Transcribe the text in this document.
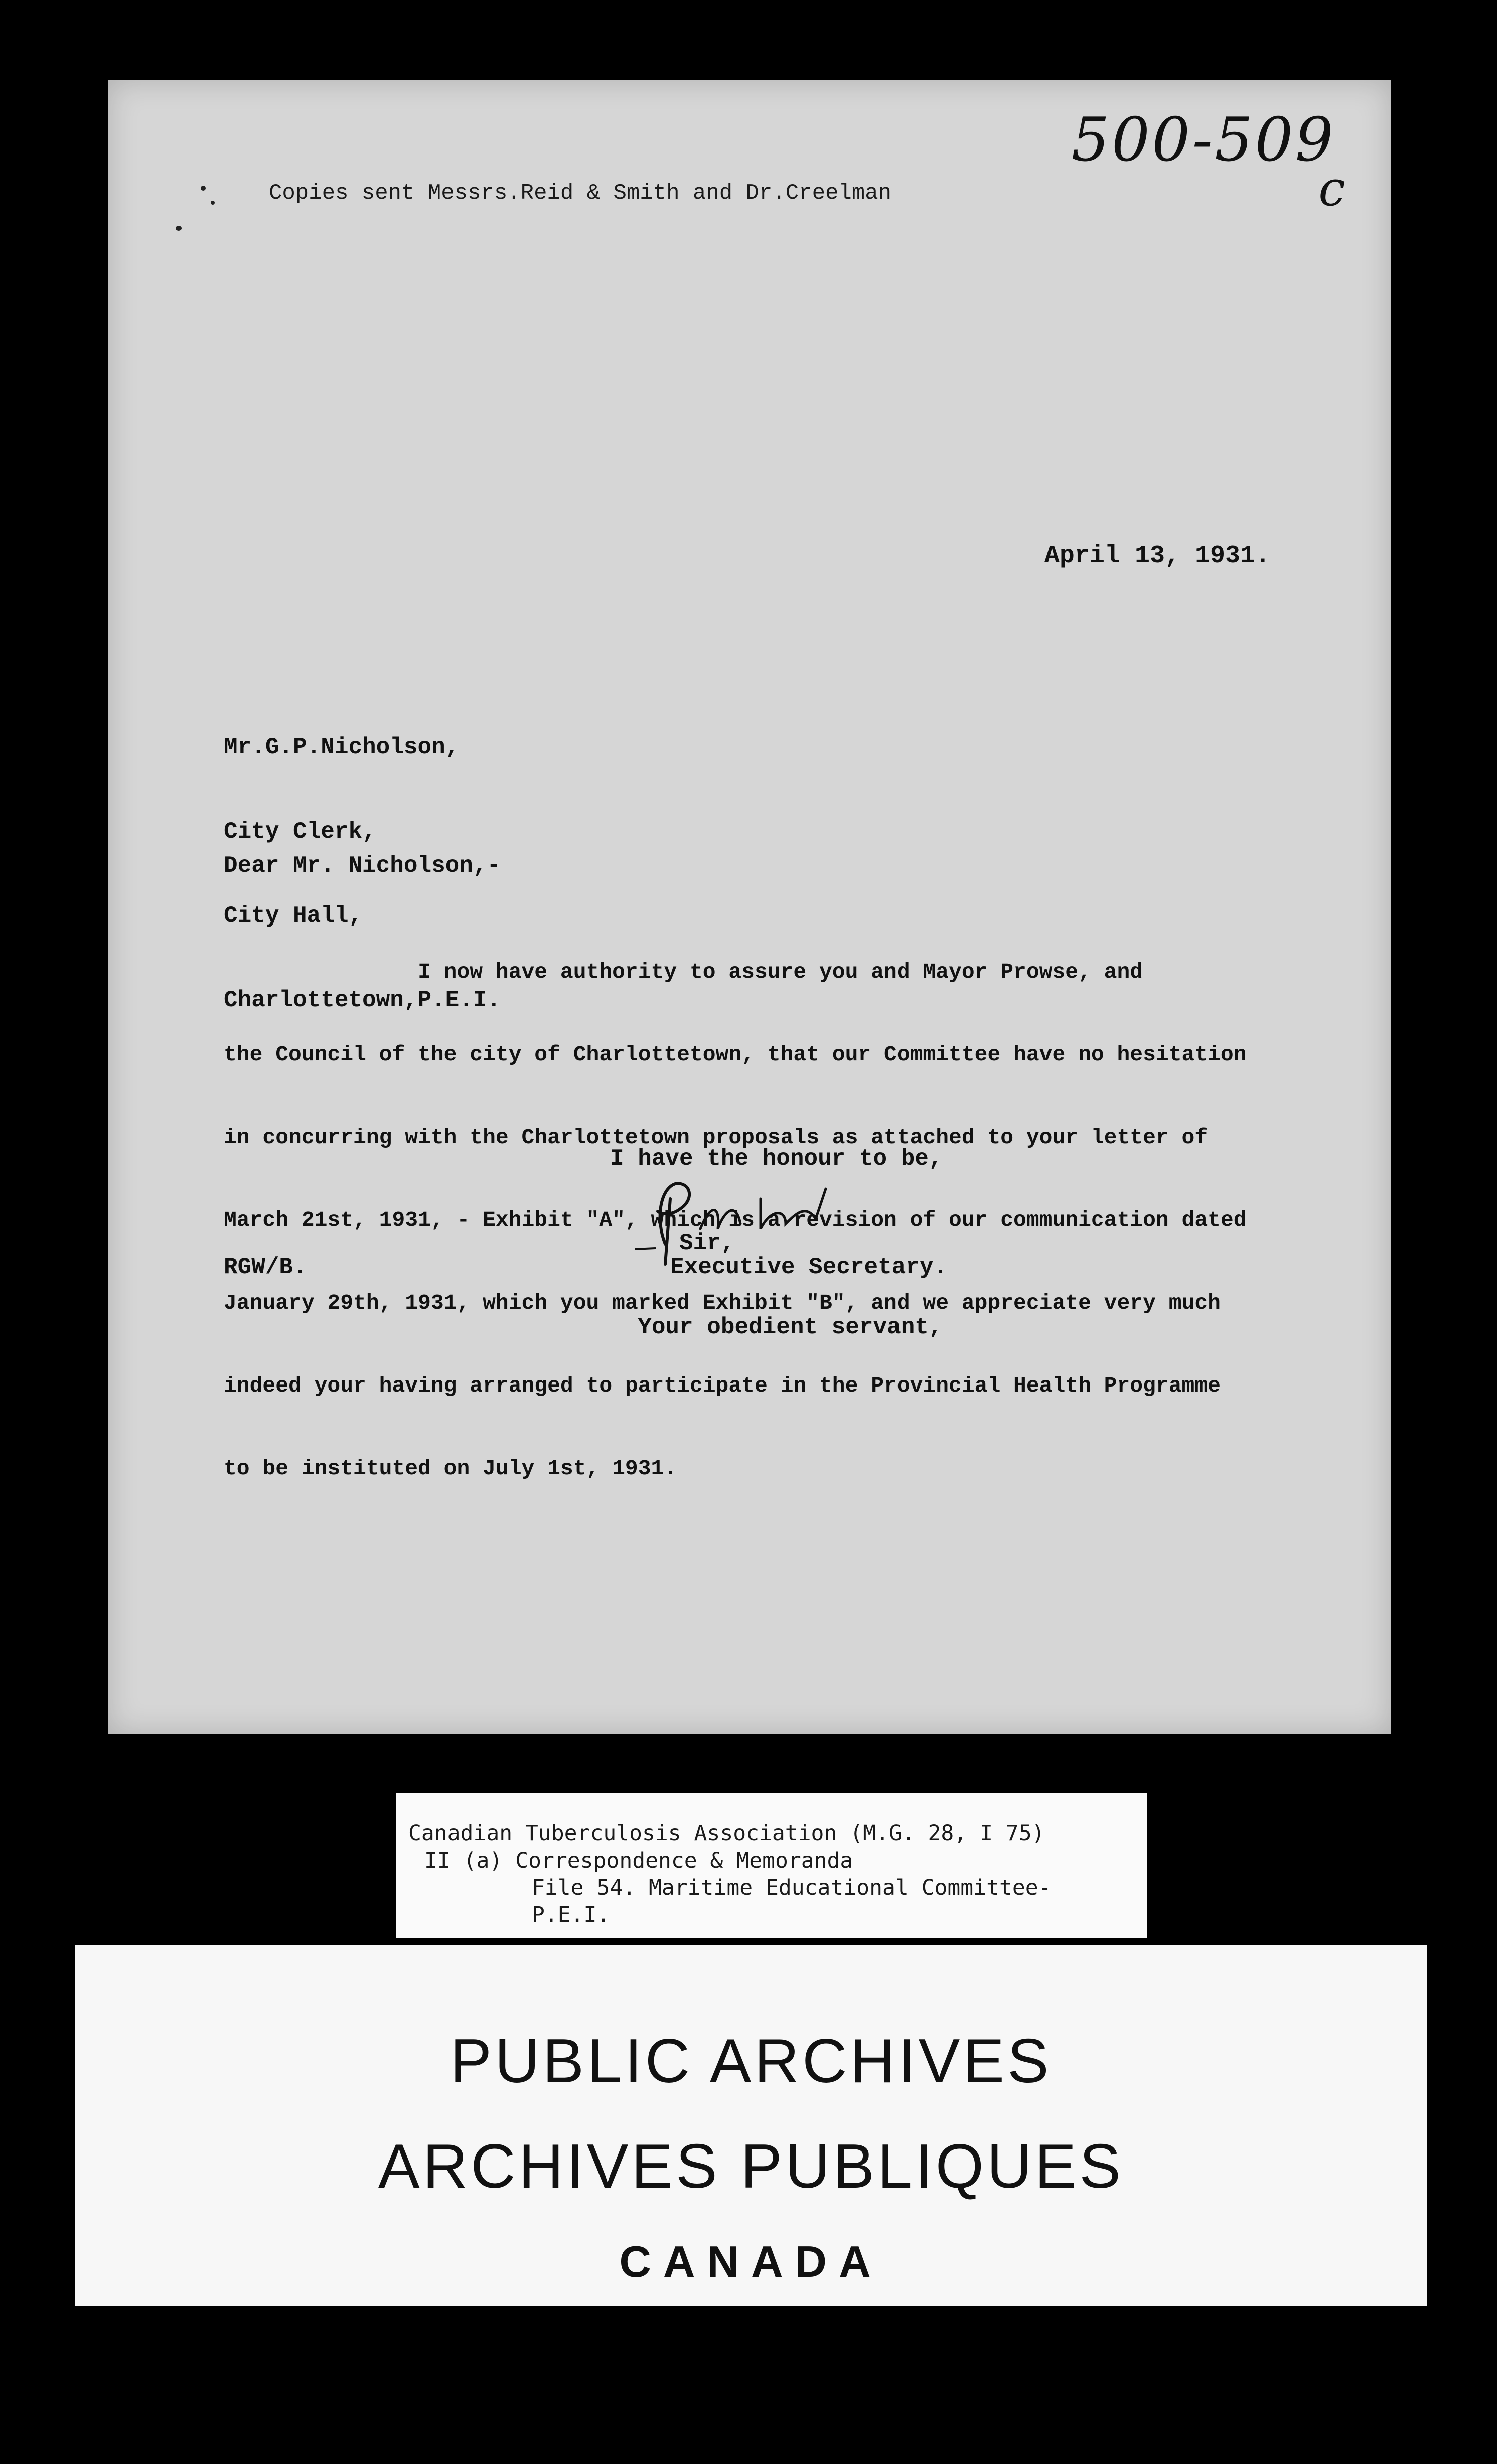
Copies sent Messrs.Reid & Smith and Dr.Creelman
500-509
c
April 13, 1931.

Mr.G.P.Nicholson,

City Clerk,

City Hall,

Charlottetown,P.E.I.

Dear Mr. Nicholson,-

I now have authority to assure you and Mayor Prowse, and

the Council of the city of Charlottetown, that our Committee have no hesitation

in concurring with the Charlottetown proposals as attached to your letter of

March 21st, 1931, - Exhibit "A", which is a revision of our communication dated

January 29th, 1931, which you marked Exhibit "B", and we appreciate very much

indeed your having arranged to participate in the Provincial Health Programme

to be instituted on July 1st, 1931.

I have the honour to be,

Sir,

Your obedient servant,

RGW/B.	Executive Secretary.
Canadian Tuberculosis Association (M.G. 28, I 75)
II (a) Correspondence & Memoranda
File 54. Maritime Educational Committee-
P.E.I.
PUBLIC ARCHIVES
ARCHIVES PUBLIQUES
CANADA
